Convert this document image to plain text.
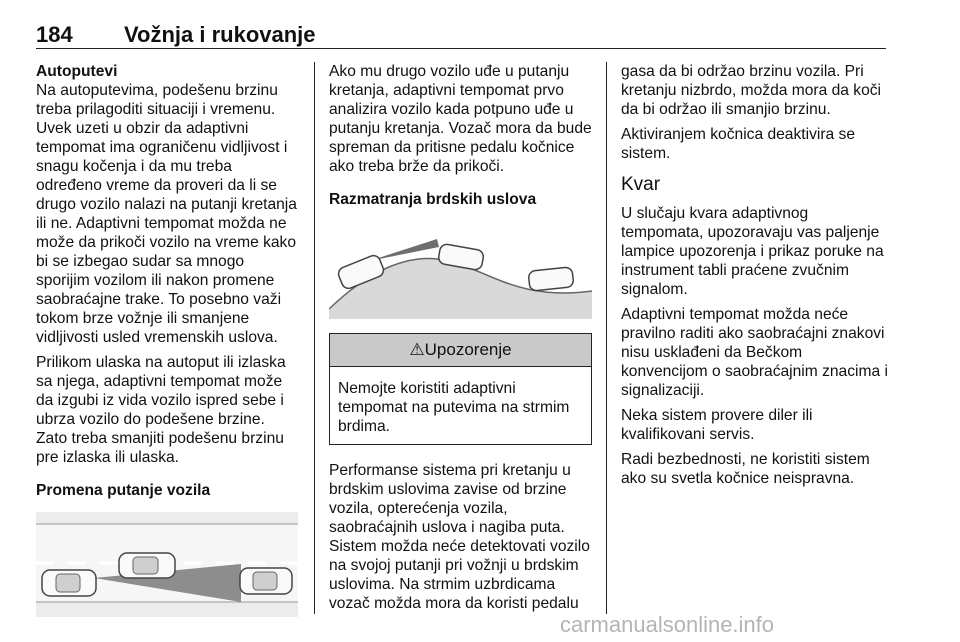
184 Vožnja i rukovanje
Autoputevi

Na autoputevima, podešenu brzinu treba prilagoditi situaciji i vremenu. Uvek uzeti u obzir da adaptivni tempomat ima ograničenu vidljivost i snagu kočenja i da mu treba određeno vreme da proveri da li se drugo vozilo nalazi na putanji kretanja ili ne. Adaptivni tempomat možda ne može da prikoči vozilo na vreme kako bi se izbegao sudar sa mnogo sporijim vozilom ili nakon promene saobraćajne trake. To posebno važi tokom brze vožnje ili smanjene vidljivosti usled vremenskih uslova.

Prilikom ulaska na autoput ili izlaska sa njega, adaptivni tempomat može da izgubi iz vida vozilo ispred sebe i ubrza vozilo do podešene brzine. Zato treba smanjiti podešenu brzinu pre izlaska ili ulaska.

Promena putanje vozila

Ako mu drugo vozilo uđe u putanju kretanja, adaptivni tempomat prvo analizira vozilo kada potpuno uđe u putanju kretanja. Vozač mora da bude spreman da pritisne pedalu kočnice ako treba brže da prikoči.

Razmatranja brdskih uslova
⚠Upozorenje
Nemojte koristiti adaptivni tempomat na putevima na strmim brdima.

Performanse sistema pri kretanju u brdskim uslovima zavise od brzine vozila, opterećenja vozila, saobraćajnih uslova i nagiba puta. Sistem možda neće detektovati vozilo na svojoj putanji pri vožnji u brdskim uslovima. Na strmim uzbrdicama vozač možda mora da koristi pedalu

gasa da bi održao brzinu vozila. Pri kretanju nizbrdo, možda mora da koči da bi održao ili smanjio brzinu.

Aktiviranjem kočnica deaktivira se sistem.

Kvar

U slučaju kvara adaptivnog tempomata, upozoravaju vas paljenje lampice upozorenja i prikaz poruke na instrument tabli praćene zvučnim signalom.

Adaptivni tempomat možda neće pravilno raditi ako saobraćajni znakovi nisu usklađeni da Bečkom konvencijom o saobraćajnim znacima i signalizaciji.

Neka sistem provere diler ili kvalifikovani servis.

Radi bezbednosti, ne koristiti sistem ako su svetla kočnice neispravna.

carmanualsonline.info
